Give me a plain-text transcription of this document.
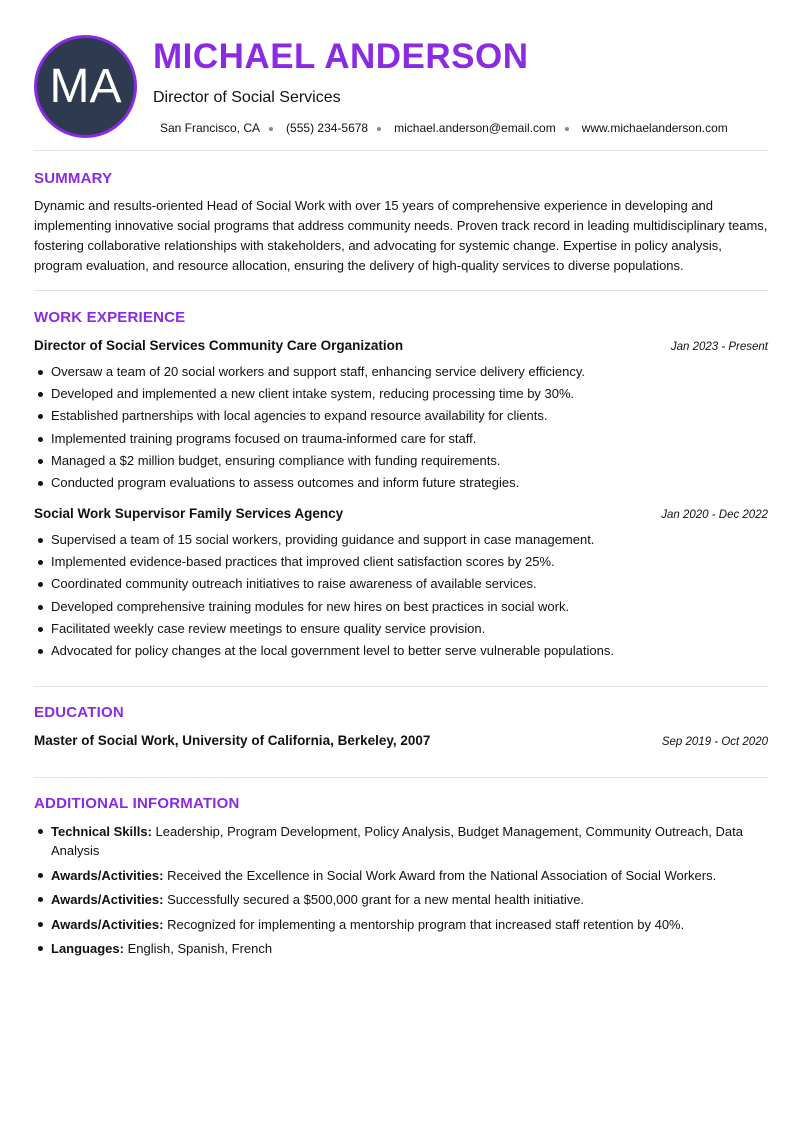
MA
MICHAEL ANDERSON
Director of Social Services
San Francisco, CA (555) 234-5678 michael.anderson@email.com www.michaelanderson.com
SUMMARY

Dynamic and results-oriented Head of Social Work with over 15 years of comprehensive experience in developing and implementing innovative social programs that address community needs. Proven track record in leading multidisciplinary teams, fostering collaborative relationships with stakeholders, and advocating for systemic change. Expertise in policy analysis, program evaluation, and resource allocation, ensuring the delivery of high-quality services to diverse populations.

WORK EXPERIENCE
Director of Social Services Community Care Organization	Jan 2023 - Present
Oversaw a team of 20 social workers and support staff, enhancing service delivery efficiency.
Developed and implemented a new client intake system, reducing processing time by 30%.
Established partnerships with local agencies to expand resource availability for clients.
Implemented training programs focused on trauma-informed care for staff.
Managed a $2 million budget, ensuring compliance with funding requirements.
Conducted program evaluations to assess outcomes and inform future strategies.
Social Work Supervisor Family Services Agency	Jan 2020 - Dec 2022
Supervised a team of 15 social workers, providing guidance and support in case management.
Implemented evidence-based practices that improved client satisfaction scores by 25%.
Coordinated community outreach initiatives to raise awareness of available services.
Developed comprehensive training modules for new hires on best practices in social work.
Facilitated weekly case review meetings to ensure quality service provision.
Advocated for policy changes at the local government level to better serve vulnerable populations.
EDUCATION
Master of Social Work, University of California, Berkeley, 2007	Sep 2019 - Oct 2020
ADDITIONAL INFORMATION
Technical Skills: Leadership, Program Development, Policy Analysis, Budget Management, Community Outreach, Data Analysis
Awards/Activities: Received the Excellence in Social Work Award from the National Association of Social Workers.
Awards/Activities: Successfully secured a $500,000 grant for a new mental health initiative.
Awards/Activities: Recognized for implementing a mentorship program that increased staff retention by 40%.
Languages: English, Spanish, French
